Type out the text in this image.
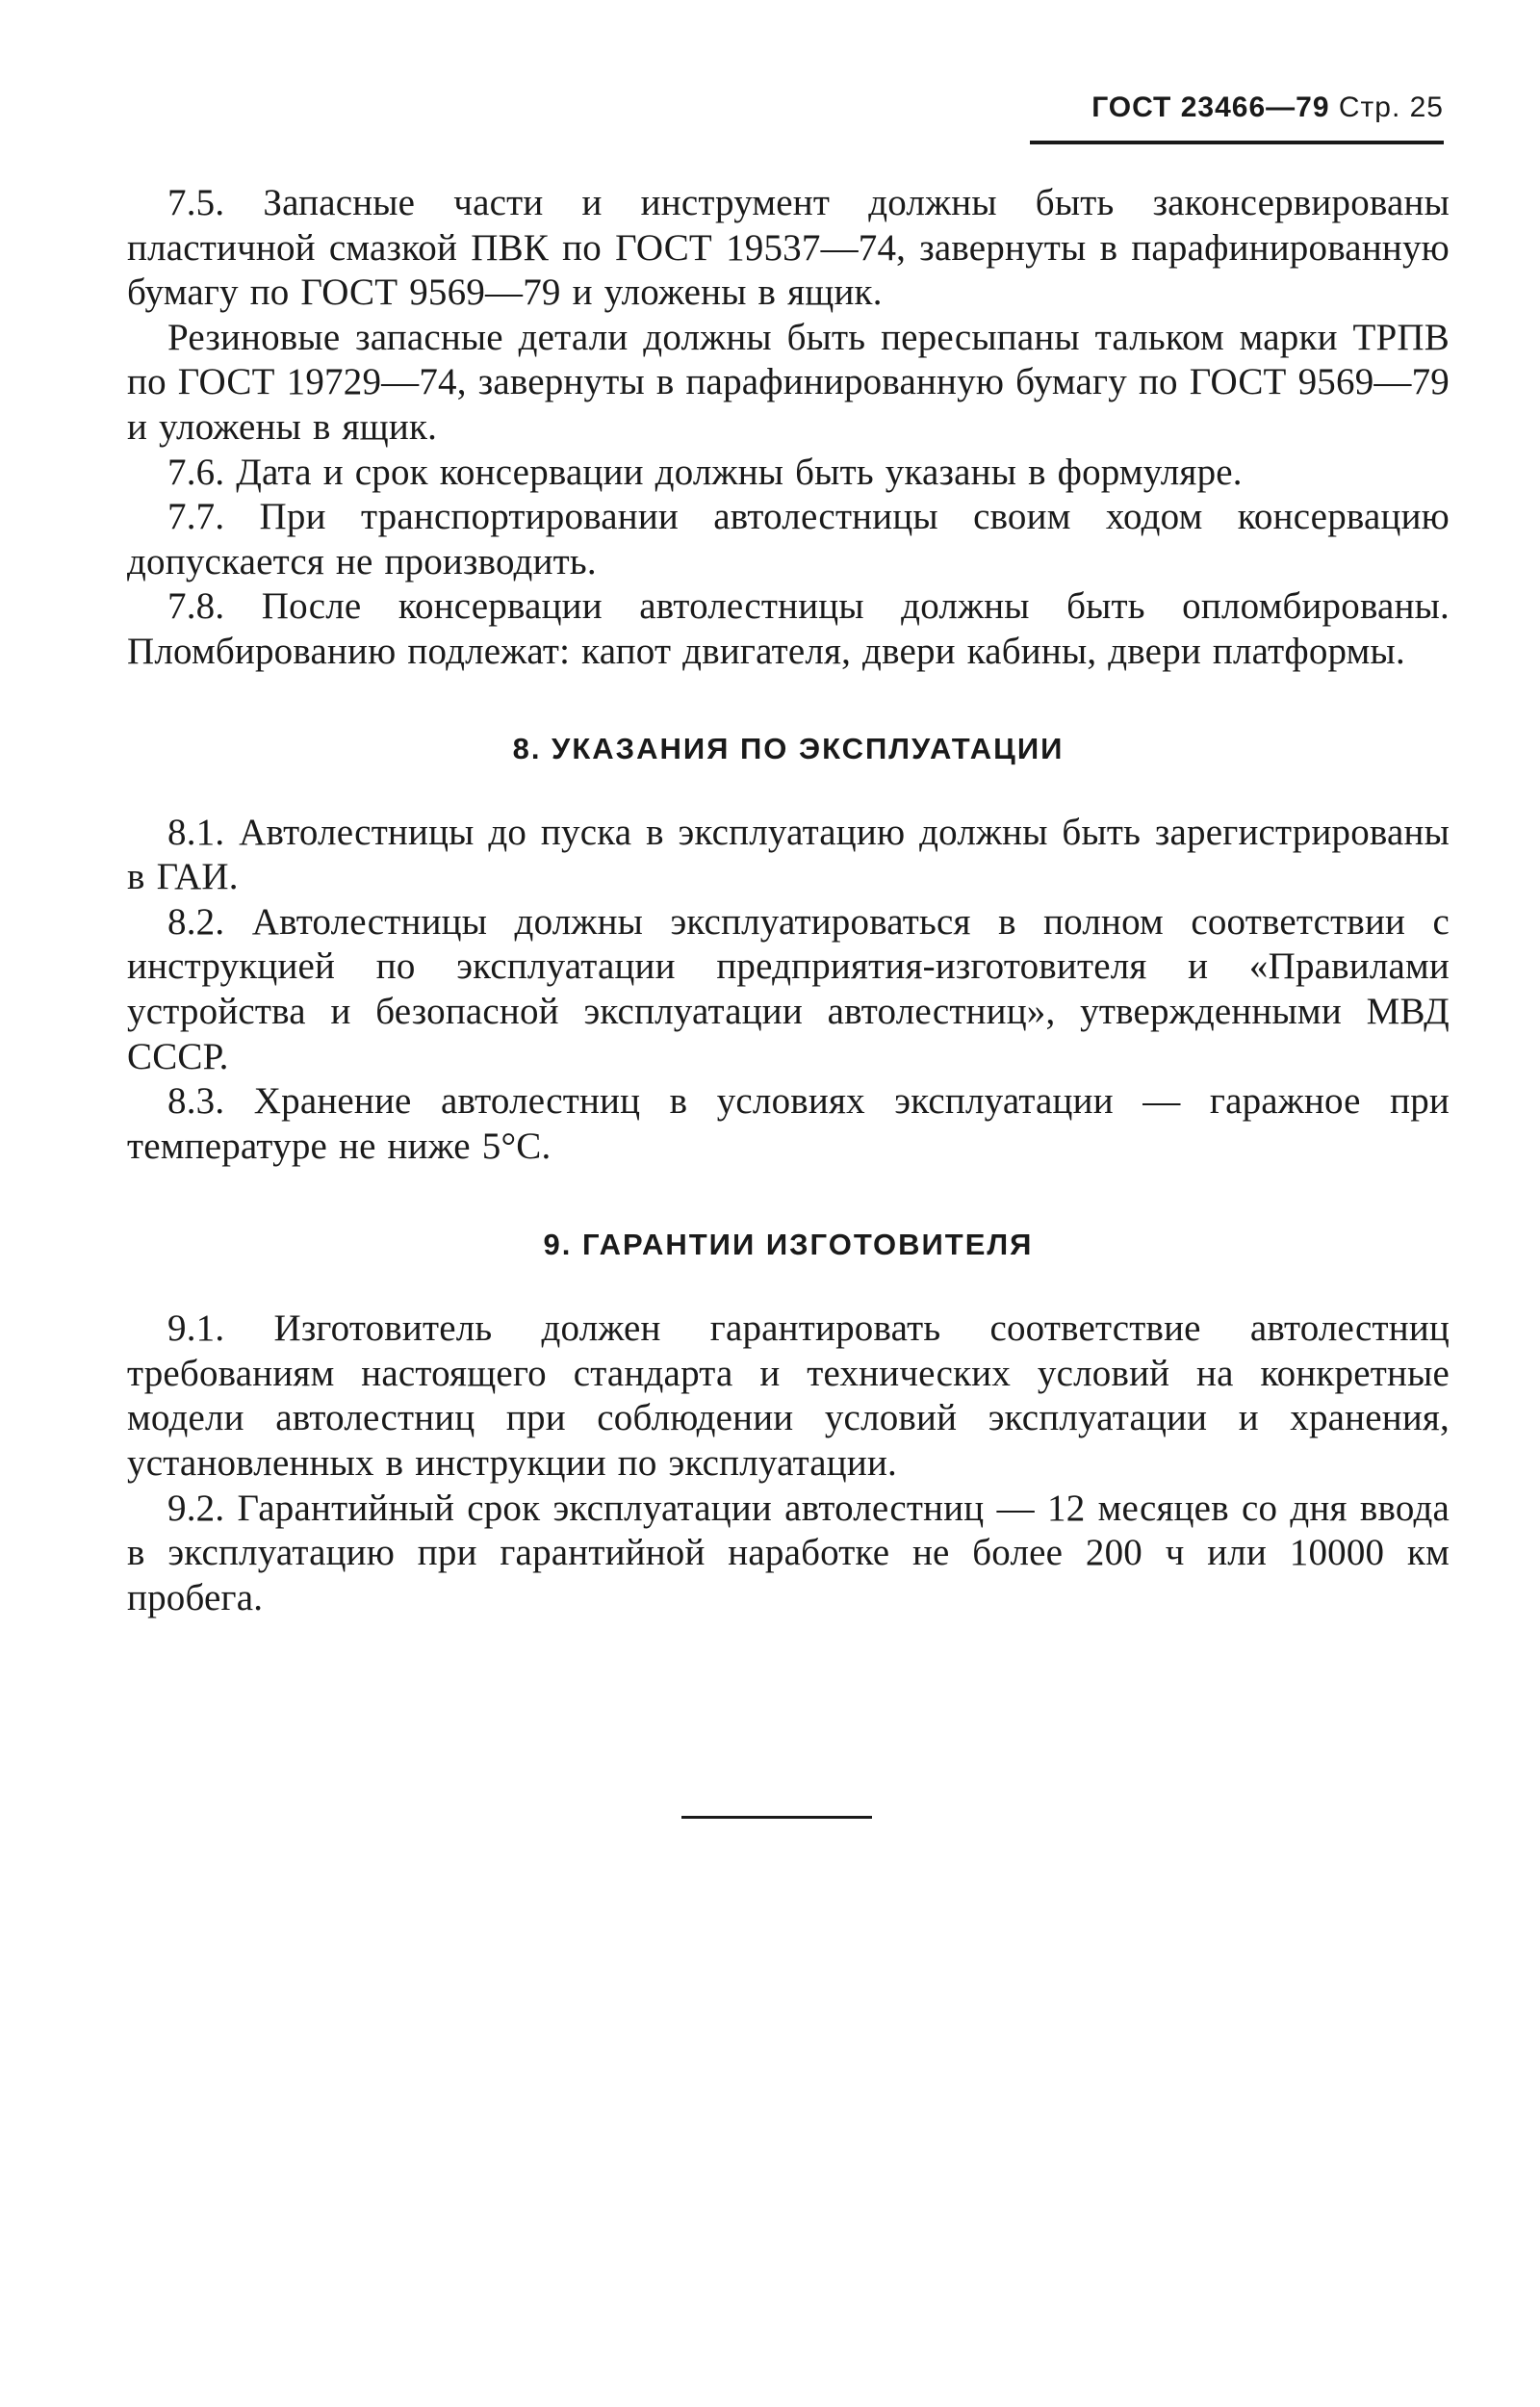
ГОСТ 23466—79 Стр. 25

7.5. Запасные части и инструмент должны быть законсервированы пластичной смазкой ПВК по ГОСТ 19537—74, завернуты в парафинированную бумагу по ГОСТ 9569—79 и уложены в ящик.

Резиновые запасные детали должны быть пересыпаны тальком марки ТРПВ по ГОСТ 19729—74, завернуты в парафинированную бумагу по ГОСТ 9569—79 и уложены в ящик.

7.6. Дата и срок консервации должны быть указаны в формуляре.

7.7. При транспортировании автолестницы своим ходом консервацию допускается не производить.

7.8. После консервации автолестницы должны быть опломбированы. Пломбированию подлежат: капот двигателя, двери кабины, двери платформы.

8. УКАЗАНИЯ ПО ЭКСПЛУАТАЦИИ

8.1. Автолестницы до пуска в эксплуатацию должны быть зарегистрированы в ГАИ.

8.2. Автолестницы должны эксплуатироваться в полном соответствии с инструкцией по эксплуатации предприятия-изготовителя и «Правилами устройства и безопасной эксплуатации автолестниц», утвержденными МВД СССР.

8.3. Хранение автолестниц в условиях эксплуатации — гаражное при температуре не ниже 5°С.

9. ГАРАНТИИ ИЗГОТОВИТЕЛЯ

9.1. Изготовитель должен гарантировать соответствие автолестниц требованиям настоящего стандарта и технических условий на конкретные модели автолестниц при соблюдении условий эксплуатации и хранения, установленных в инструкции по эксплуатации.

9.2. Гарантийный срок эксплуатации автолестниц — 12 месяцев со дня ввода в эксплуатацию при гарантийной наработке не более 200 ч или 10000 км пробега.
